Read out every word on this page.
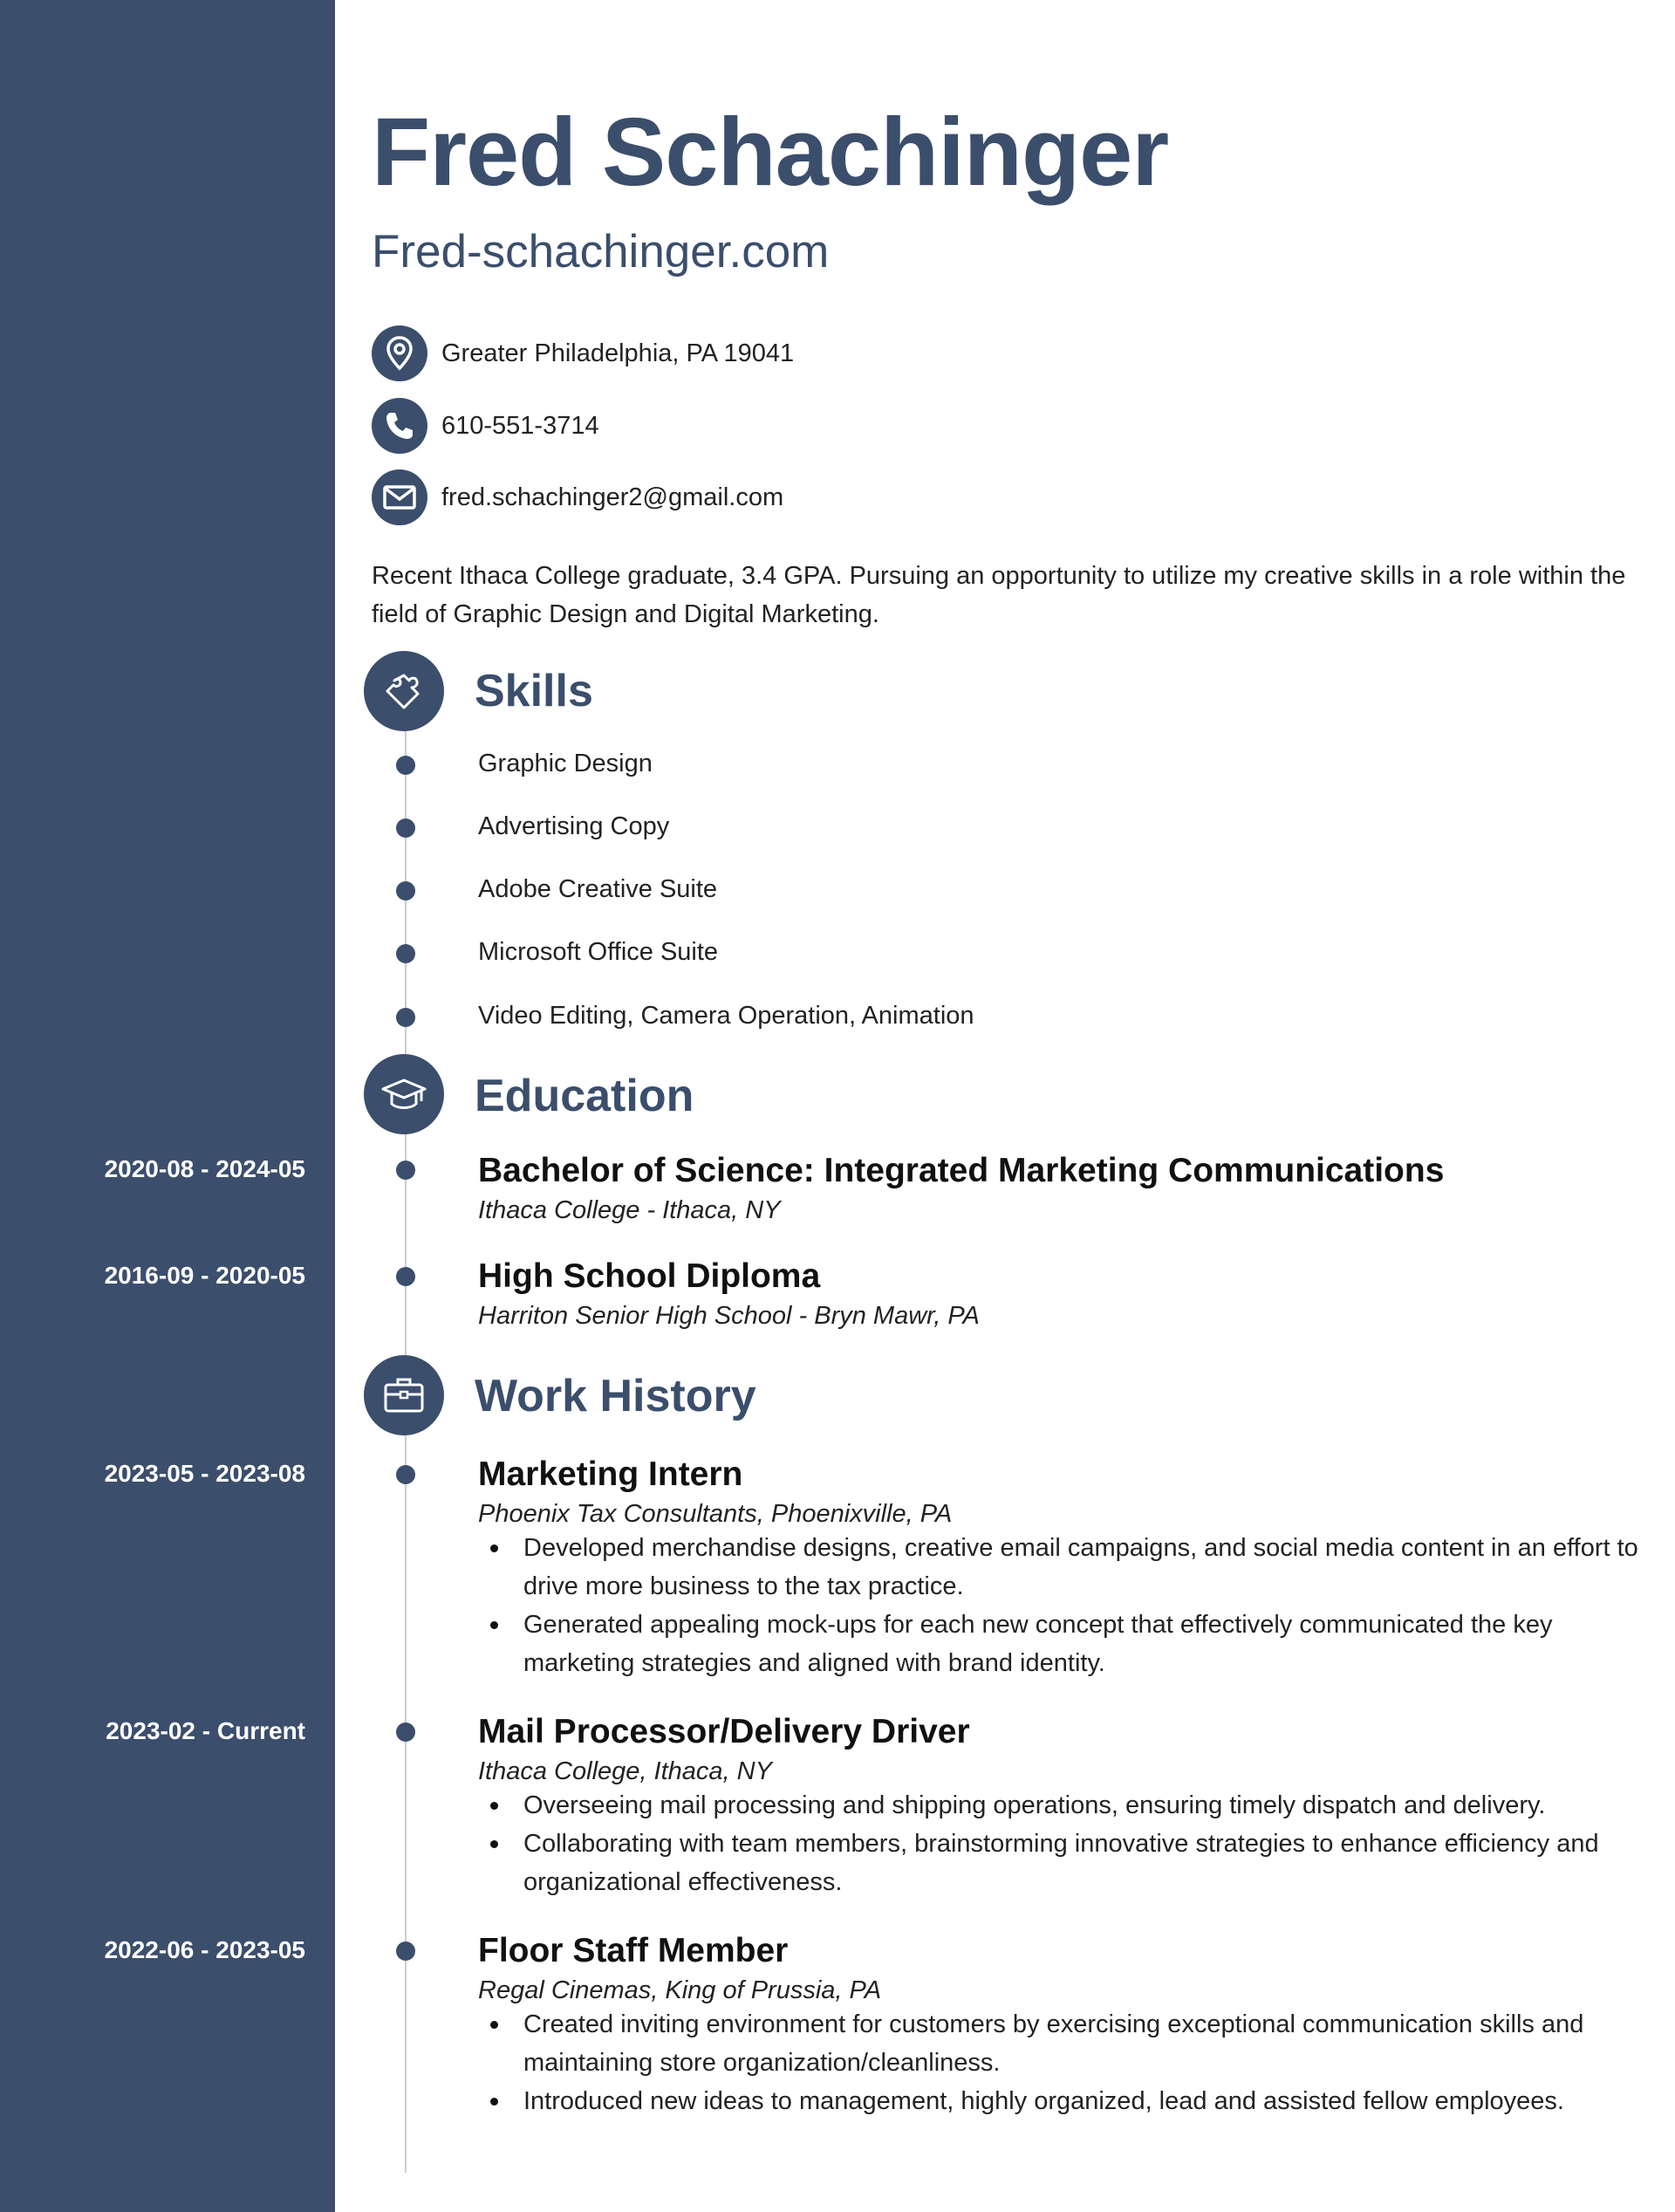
Fred Schachinger
Fred-schachinger.com
Greater Philadelphia, PA 19041
610-551-3714
fred.schachinger2@gmail.com
Recent Ithaca College graduate, 3.4 GPA. Pursuing an opportunity to utilize my creative skills in a role within the field of Graphic Design and Digital Marketing.
Skills
Graphic Design
Advertising Copy
Adobe Creative Suite
Microsoft Office Suite
Video Editing, Camera Operation, Animation
Education
2020-08 - 2024-05	Bachelor of Science: Integrated Marketing Communications
Ithaca College - Ithaca, NY
2016-09 - 2020-05	High School Diploma
Harriton Senior High School - Bryn Mawr, PA
Work History
2023-05 - 2023-08	Marketing Intern
Phoenix Tax Consultants, Phoenixville, PA
Developed merchandise designs, creative email campaigns, and social media content in an effort to drive more business to the tax practice.
Generated appealing mock-ups for each new concept that effectively communicated the key marketing strategies and aligned with brand identity.
2023-02 - Current	Mail Processor/Delivery Driver
Ithaca College, Ithaca, NY
Overseeing mail processing and shipping operations, ensuring timely dispatch and delivery.
Collaborating with team members, brainstorming innovative strategies to enhance efficiency and organizational effectiveness.
2022-06 - 2023-05	Floor Staff Member
Regal Cinemas, King of Prussia, PA
Created inviting environment for customers by exercising exceptional communication skills and maintaining store organization/cleanliness.
Introduced new ideas to management, highly organized, lead and assisted fellow employees.
